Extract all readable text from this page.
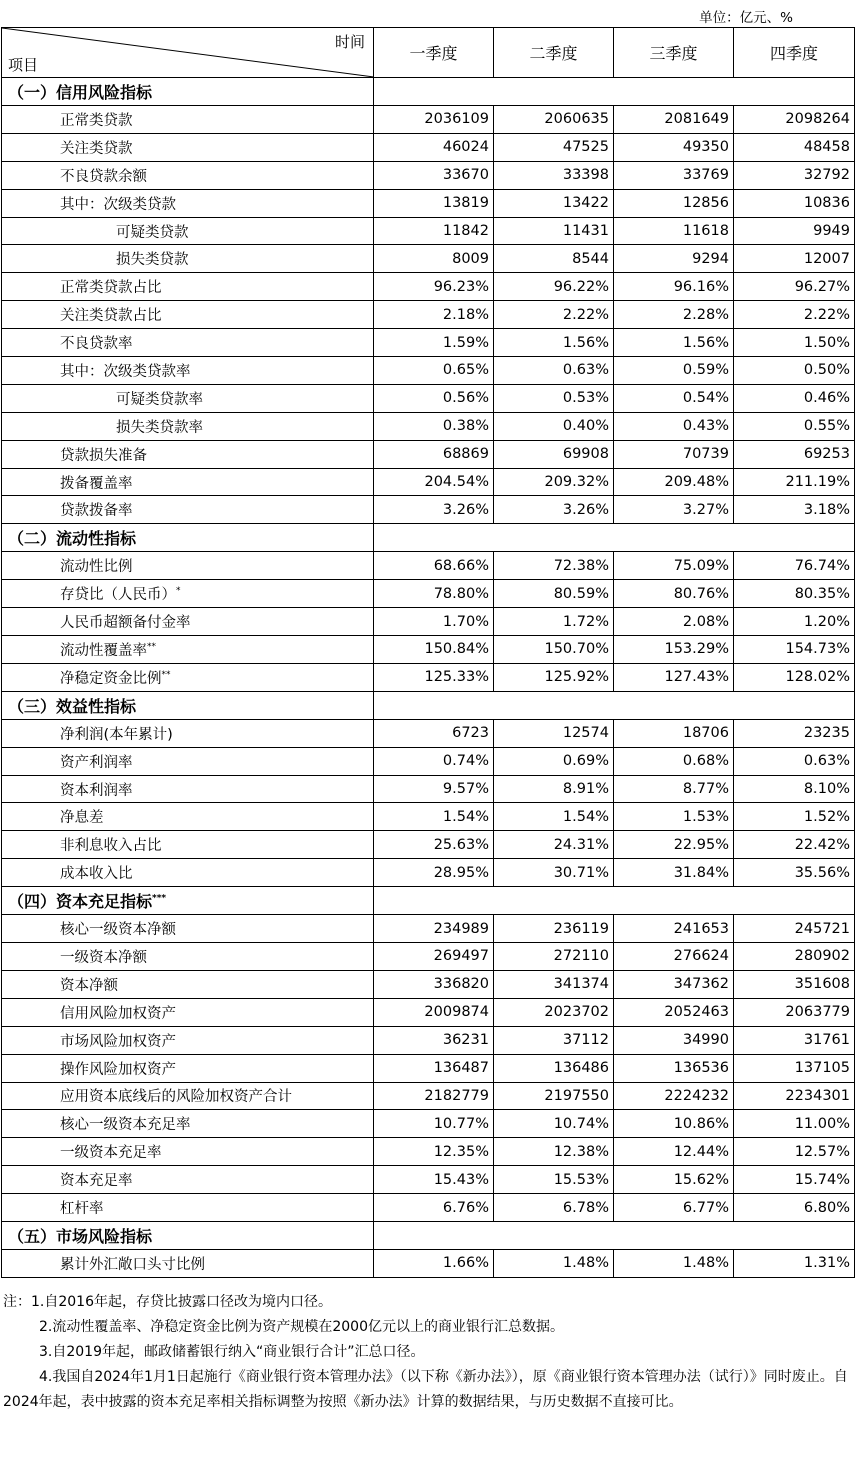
单位：亿元、%
时间
项目	一季度	二季度	三季度	四季度
（一）信用风险指标				
正常类贷款	2036109	2060635	2081649	2098264
关注类贷款	46024	47525	49350	48458
不良贷款余额	33670	33398	33769	32792
其中：次级类贷款	13819	13422	12856	10836
可疑类贷款	11842	11431	11618	9949
损失类贷款	8009	8544	9294	12007
正常类贷款占比	96.23%	96.22%	96.16%	96.27%
关注类贷款占比	2.18%	2.22%	2.28%	2.22%
不良贷款率	1.59%	1.56%	1.56%	1.50%
其中：次级类贷款率	0.65%	0.63%	0.59%	0.50%
可疑类贷款率	0.56%	0.53%	0.54%	0.46%
损失类贷款率	0.38%	0.40%	0.43%	0.55%
贷款损失准备	68869	69908	70739	69253
拨备覆盖率	204.54%	209.32%	209.48%	211.19%
贷款拨备率	3.26%	3.26%	3.27%	3.18%
（二）流动性指标				
流动性比例	68.66%	72.38%	75.09%	76.74%
存贷比（人民币）*	78.80%	80.59%	80.76%	80.35%
人民币超额备付金率	1.70%	1.72%	2.08%	1.20%
流动性覆盖率**	150.84%	150.70%	153.29%	154.73%
净稳定资金比例**	125.33%	125.92%	127.43%	128.02%
（三）效益性指标				
净利润(本年累计)	6723	12574	18706	23235
资产利润率	0.74%	0.69%	0.68%	0.63%
资本利润率	9.57%	8.91%	8.77%	8.10%
净息差	1.54%	1.54%	1.53%	1.52%
非利息收入占比	25.63%	24.31%	22.95%	22.42%
成本收入比	28.95%	30.71%	31.84%	35.56%
（四）资本充足指标***	
核心一级资本净额	234989	236119	241653	245721
一级资本净额	269497	272110	276624	280902
资本净额	336820	341374	347362	351608
信用风险加权资产	2009874	2023702	2052463	2063779
市场风险加权资产	36231	37112	34990	31761
操作风险加权资产	136487	136486	136536	137105
应用资本底线后的风险加权资产合计	2182779	2197550	2224232	2234301
核心一级资本充足率	10.77%	10.74%	10.86%	11.00%
一级资本充足率	12.35%	12.38%	12.44%	12.57%
资本充足率	15.43%	15.53%	15.62%	15.74%
杠杆率	6.76%	6.78%	6.77%	6.80%
（五）市场风险指标				
累计外汇敞口头寸比例	1.66%	1.48%	1.48%	1.31%

注：1.自2016年起，存贷比披露口径改为境内口径。

2.流动性覆盖率、净稳定资金比例为资产规模在2000亿元以上的商业银行汇总数据。

3.自2019年起，邮政储蓄银行纳入“商业银行合计”汇总口径。

4.我国自2024年1月1日起施行《商业银行资本管理办法》（以下称《新办法》），原《商业银行资本管理办法（试行）》同时废止。自2024年起，表中披露的资本充足率相关指标调整为按照《新办法》计算的数据结果，与历史数据不直接可比。
